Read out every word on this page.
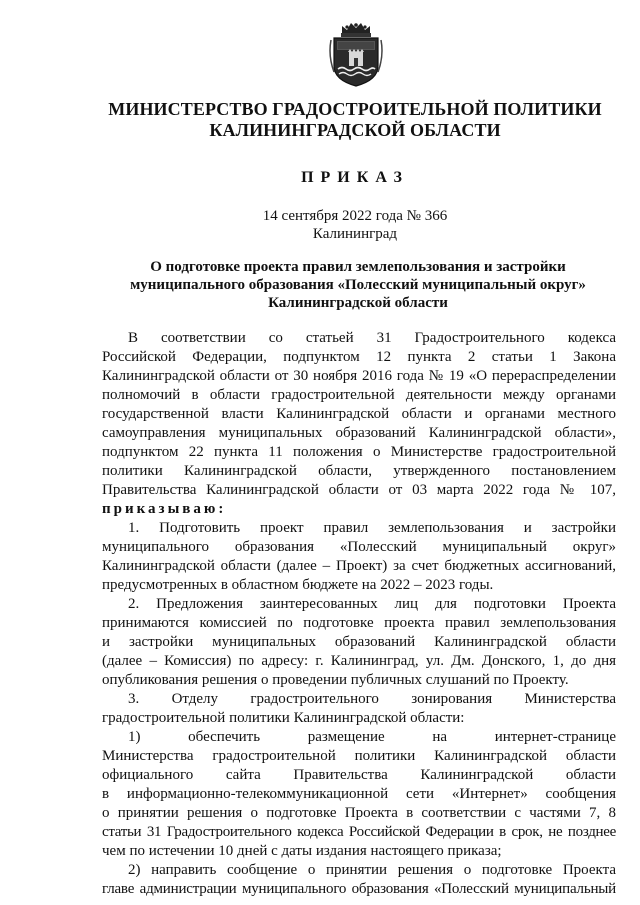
МИНИСТЕРСТВО ГРАДОСТРОИТЕЛЬНОЙ ПОЛИТИКИ
КАЛИНИНГРАДСКОЙ ОБЛАСТИ
ПРИКАЗ
14 сентября 2022 года № 366
Калининград
О подготовке проекта правил землепользования и застройки
муниципального образования «Полесский муниципальный округ»
Калининградской области
В соответствии со статьей 31 Градостроительного кодекса
Российской Федерации, подпунктом 12 пункта 2 статьи 1 Закона
Калининградской области от 30 ноября 2016 года № 19 «О перераспределении
полномочий в области градостроительной деятельности между органами
государственной власти Калининградской области и органами местного
самоуправления муниципальных образований Калининградской области»,
подпунктом 22 пункта 11 положения о Министерстве градостроительной
политики Калининградской области, утвержденного постановлением
Правительства Калининградской области от 03 марта 2022 года № 107,
приказываю:
1. Подготовить проект правил землепользования и застройки
муниципального образования «Полесский муниципальный округ»
Калининградской области (далее – Проект) за счет бюджетных ассигнований,
предусмотренных в областном бюджете на 2022 – 2023 годы.
2. Предложения заинтересованных лиц для подготовки Проекта
принимаются комиссией по подготовке проекта правил землепользования
и застройки муниципальных образований Калининградской области
(далее – Комиссия) по адресу: г. Калининград, ул. Дм. Донского, 1, до дня
опубликования решения о проведении публичных слушаний по Проекту.
3. Отделу градостроительного зонирования Министерства
градостроительной политики Калининградской области:
1) обеспечить размещение на интернет-странице
Министерства градостроительной политики Калининградской области
официального сайта Правительства Калининградской области
в информационно-телекоммуникационной сети «Интернет» сообщения
о принятии решения о подготовке Проекта в соответствии с частями 7, 8
статьи 31 Градостроительного кодекса Российской Федерации в срок, не позднее
чем по истечении 10 дней с даты издания настоящего приказа;
2) направить сообщение о принятии решения о подготовке Проекта
главе администрации муниципального образования «Полесский муниципальный
